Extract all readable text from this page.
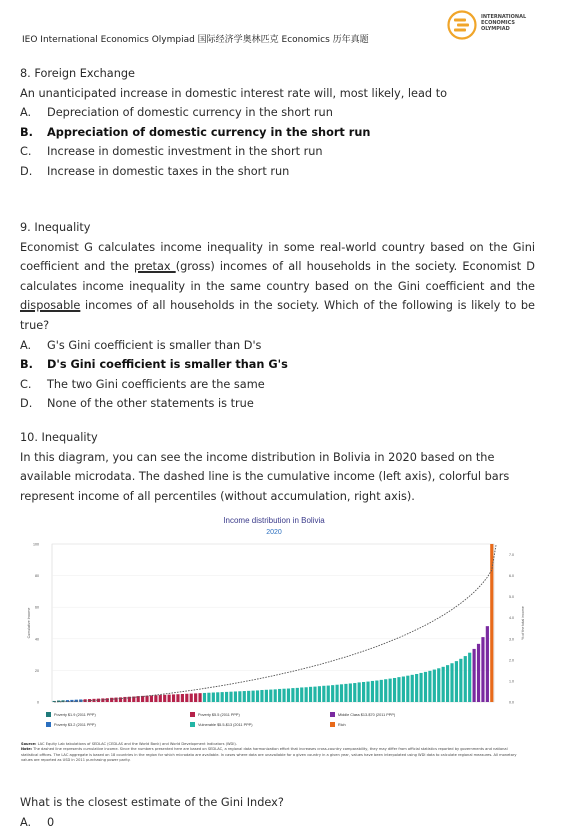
IEO International Economics Olympiad 国际经济学奥林匹克 Economics 历年真题
INTERNATIONAL
ECONOMICS
OLYMPIAD
8. Foreign Exchange
An unanticipated increase in domestic interest rate will, most likely, lead to
A.	Depreciation of domestic currency in the short run
B.	Appreciation of domestic currency in the short run
C.	Increase in domestic investment in the short run
D.	Increase in domestic taxes in the short run
9. Inequality
Economist G calculates income inequality in some real-world country based on the Gini coefficient and the pretax (gross) incomes of all households in the society. Economist D calculates income inequality in the same country based on the Gini coefficient and the disposable incomes of all households in the society. Which of the following is likely to be true?
A.	G's Gini coefficient is smaller than D's
B.	D's Gini coefficient is smaller than G's
C.	The two Gini coefficients are the same
D.	None of the other statements is true
10. Inequality
In this diagram, you can see the income distribution in Bolivia in 2020 based on the available microdata. The dashed line is the cumulative income (left axis), colorful bars represent income of all percentiles (without accumulation, right axis).
Income distribution in Bolivia
2020
100
80
60
40
20
0
7.0
6.0
5.0
4.0
3.0
2.0
1.0
0.0
Cumulative Income	% of the total income
Poverty $1.9 (2011 PPP)	Poverty $5.5 (2011 PPP)	Middle Class $13-$70 (2011 PPP)
Poverty $3.2 (2011 PPP)	Vulnerable $5.5-$13 (2011 PPP)	Rich
Source: LAC Equity Lab tabulations of SEDLAC (CEDLAS and the World Bank) and World Development Indicators (WDI).
Note: The dashed line represents cumulative income. Since the numbers presented here are based on SEDLAC, a regional data harmonization effort that increases cross-country comparability, they may differ from official statistics reported by governments and national statistical offices. The LAC aggregate is based on 18 countries in the region for which microdata are available. In cases where data are unavailable for a given country in a given year, values have been interpolated using WDI data to calculate regional measures. All monetary values are reported as USD in 2011 purchasing power parity.
What is the closest estimate of the Gini Index?
A.	0
